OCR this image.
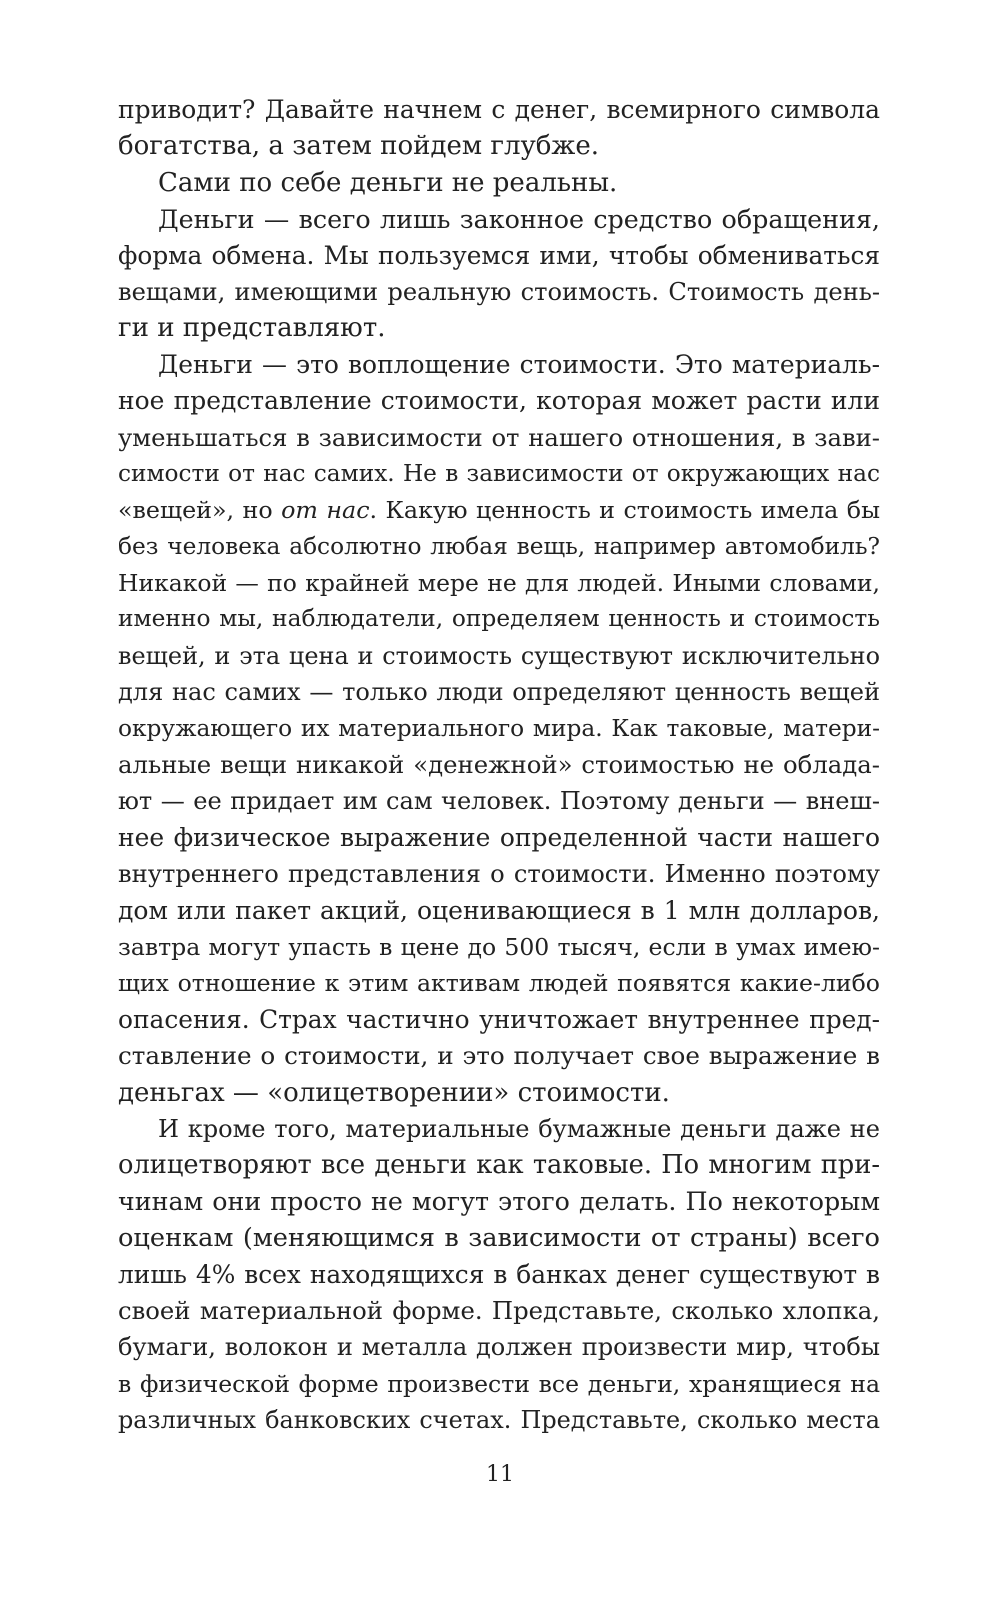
приводит? Давайте начнем с денег, всемирного символа
богатства, а затем пойдем глубже.
Сами по себе деньги не реальны.
Деньги — всего лишь законное средство обращения,
форма обмена. Мы пользуемся ими, чтобы обмениваться
вещами, имеющими реальную стоимость. Стоимость день-
ги и представляют.
Деньги — это воплощение стоимости. Это материаль-
ное представление стоимости, которая может расти или
уменьшаться в зависимости от нашего отношения, в зави-
симости от нас самих. Не в зависимости от окружающих нас
«вещей», но от нас. Какую ценность и стоимость имела бы
без человека абсолютно любая вещь, например автомобиль?
Никакой — по крайней мере не для людей. Иными словами,
именно мы, наблюдатели, определяем ценность и стоимость
вещей, и эта цена и стоимость существуют исключительно
для нас самих — только люди определяют ценность вещей
окружающего их материального мира. Как таковые, матери-
альные вещи никакой «денежной» стоимостью не облада-
ют — ее придает им сам человек. Поэтому деньги — внеш-
нее физическое выражение определенной части нашего
внутреннего представления о стоимости. Именно поэтому
дом или пакет акций, оценивающиеся в 1 млн долларов,
завтра могут упасть в цене до 500 тысяч, если в умах имею-
щих отношение к этим активам людей появятся какие-либо
опасения. Страх частично уничтожает внутреннее пред-
ставление о стоимости, и это получает свое выражение в
деньгах — «олицетворении» стоимости.
И кроме того, материальные бумажные деньги даже не
олицетворяют все деньги как таковые. По многим при-
чинам они просто не могут этого делать. По некоторым
оценкам (меняющимся в зависимости от страны) всего
лишь 4% всех находящихся в банках денег существуют в
своей материальной форме. Представьте, сколько хлопка,
бумаги, волокон и металла должен произвести мир, чтобы
в физической форме произвести все деньги, хранящиеся на
различных банковских счетах. Представьте, сколько места
11
